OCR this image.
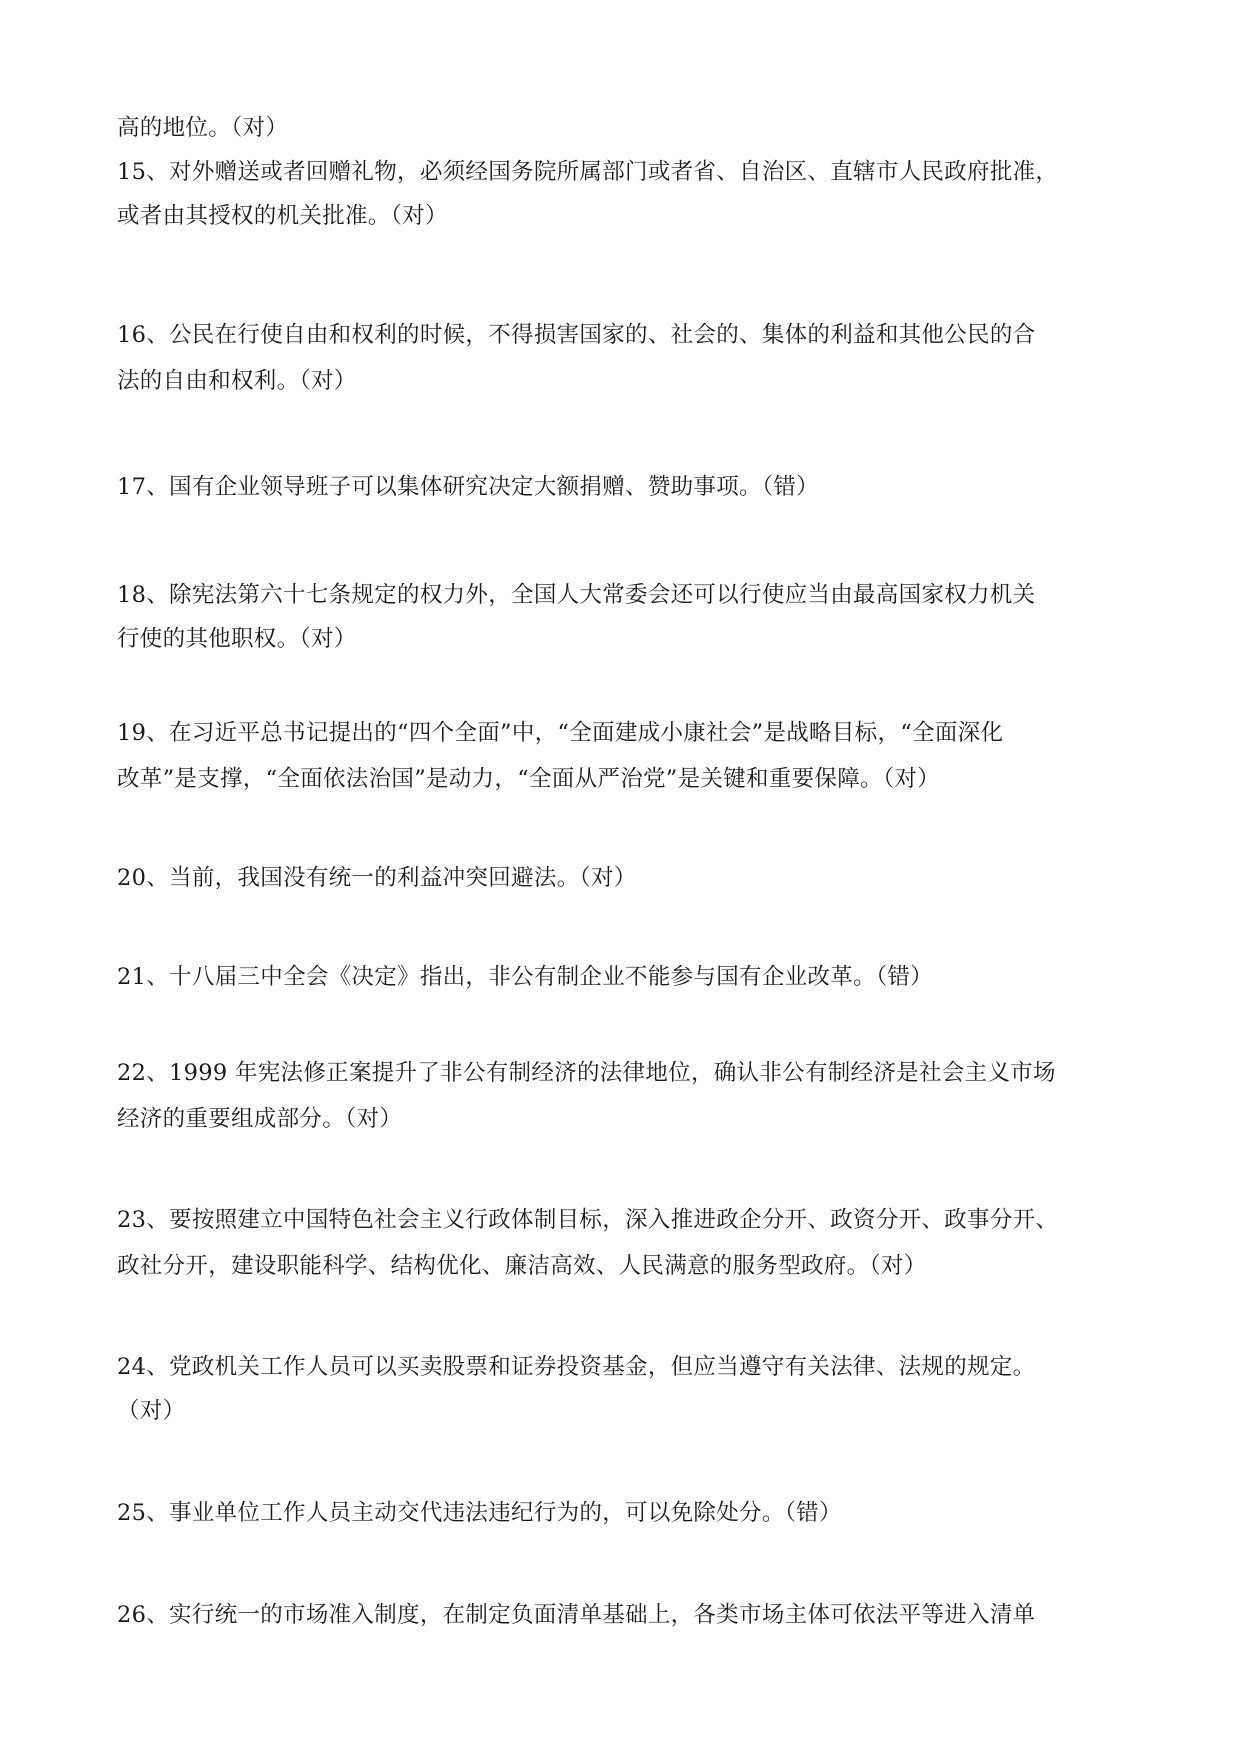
高的地位。（对）
15、对外赠送或者回赠礼物，必须经国务院所属部门或者省、自治区、直辖市人民政府批准，
或者由其授权的机关批准。（对）
16、公民在行使自由和权利的时候，不得损害国家的、社会的、集体的利益和其他公民的合
法的自由和权利。（对）
17、国有企业领导班子可以集体研究决定大额捐赠、赞助事项。（错）
18、除宪法第六十七条规定的权力外，全国人大常委会还可以行使应当由最高国家权力机关
行使的其他职权。（对）
19、在习近平总书记提出的“四个全面”中，“全面建成小康社会”是战略目标，“全面深化
改革”是支撑，“全面依法治国”是动力，“全面从严治党”是关键和重要保障。（对）
20、当前，我国没有统一的利益冲突回避法。（对）
21、十八届三中全会《决定》指出，非公有制企业不能参与国有企业改革。（错）
22、1999 年宪法修正案提升了非公有制经济的法律地位，确认非公有制经济是社会主义市场
经济的重要组成部分。（对）
23、要按照建立中国特色社会主义行政体制目标，深入推进政企分开、政资分开、政事分开、
政社分开，建设职能科学、结构优化、廉洁高效、人民满意的服务型政府。（对）
24、党政机关工作人员可以买卖股票和证券投资基金，但应当遵守有关法律、法规的规定。
（对）
25、事业单位工作人员主动交代违法违纪行为的，可以免除处分。（错）
26、实行统一的市场准入制度，在制定负面清单基础上，各类市场主体可依法平等进入清单
